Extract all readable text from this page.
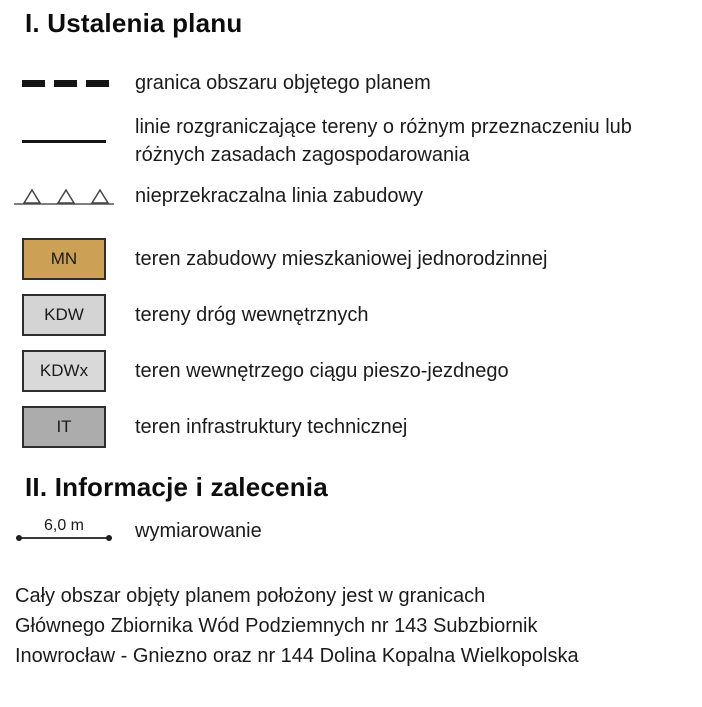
I. Ustalenia planu
granica obszaru objętego planem
linie rozgraniczające tereny o różnym przeznaczeniu lub różnych zasadach zagospodarowania
nieprzekraczalna linia zabudowy
MN	teren zabudowy mieszkaniowej jednorodzinnej
KDW	tereny dróg wewnętrznych
KDWx teren wewnętrzego ciągu pieszo-jezdnego
IT	teren infrastruktury technicznej
II. Informacje i zalecenia
6,0 m	wymiarowanie
Cały obszar objęty planem położony jest w granicach
Głównego Zbiornika Wód Podziemnych nr 143 Subzbiornik
Inowrocław - Gniezno oraz nr 144 Dolina Kopalna Wielkopolska
